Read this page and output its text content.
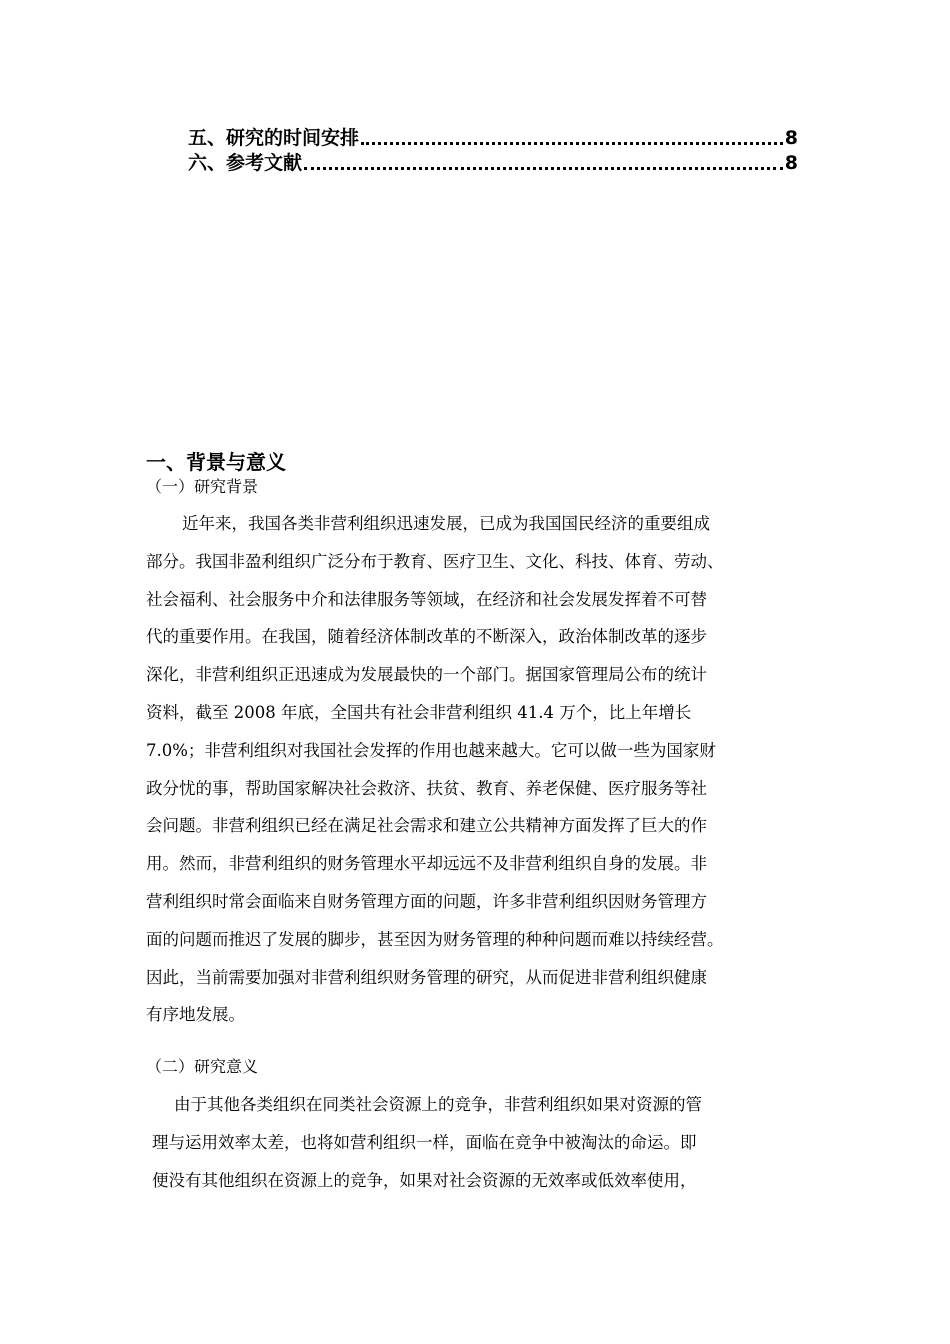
五、研究的时间安排	8
六、参考文献	8
一、背景与意义
（一）研究背景
近年来，我国各类非营利组织迅速发展，已成为我国国民经济的重要组成
部分。我国非盈利组织广泛分布于教育、医疗卫生、文化、科技、体育、劳动、
社会福利、社会服务中介和法律服务等领域，在经济和社会发展发挥着不可替
代的重要作用。在我国，随着经济体制改革的不断深入，政治体制改革的逐步
深化，非营利组织正迅速成为发展最快的一个部门。据国家管理局公布的统计
资料，截至 2008 年底，全国共有社会非营利组织 41.4 万个，比上年增长
7.0%；非营利组织对我国社会发挥的作用也越来越大。它可以做一些为国家财
政分忧的事，帮助国家解决社会救济、扶贫、教育、养老保健、医疗服务等社
会问题。非营利组织已经在满足社会需求和建立公共精神方面发挥了巨大的作
用。然而，非营利组织的财务管理水平却远远不及非营利组织自身的发展。非
营利组织时常会面临来自财务管理方面的问题，许多非营利组织因财务管理方
面的问题而推迟了发展的脚步，甚至因为财务管理的种种问题而难以持续经营。
因此，当前需要加强对非营利组织财务管理的研究，从而促进非营利组织健康
有序地发展。
（二）研究意义
由于其他各类组织在同类社会资源上的竞争，非营利组织如果对资源的管
理与运用效率太差，也将如营利组织一样，面临在竞争中被淘汰的命运。即
便没有其他组织在资源上的竞争，如果对社会资源的无效率或低效率使用，
